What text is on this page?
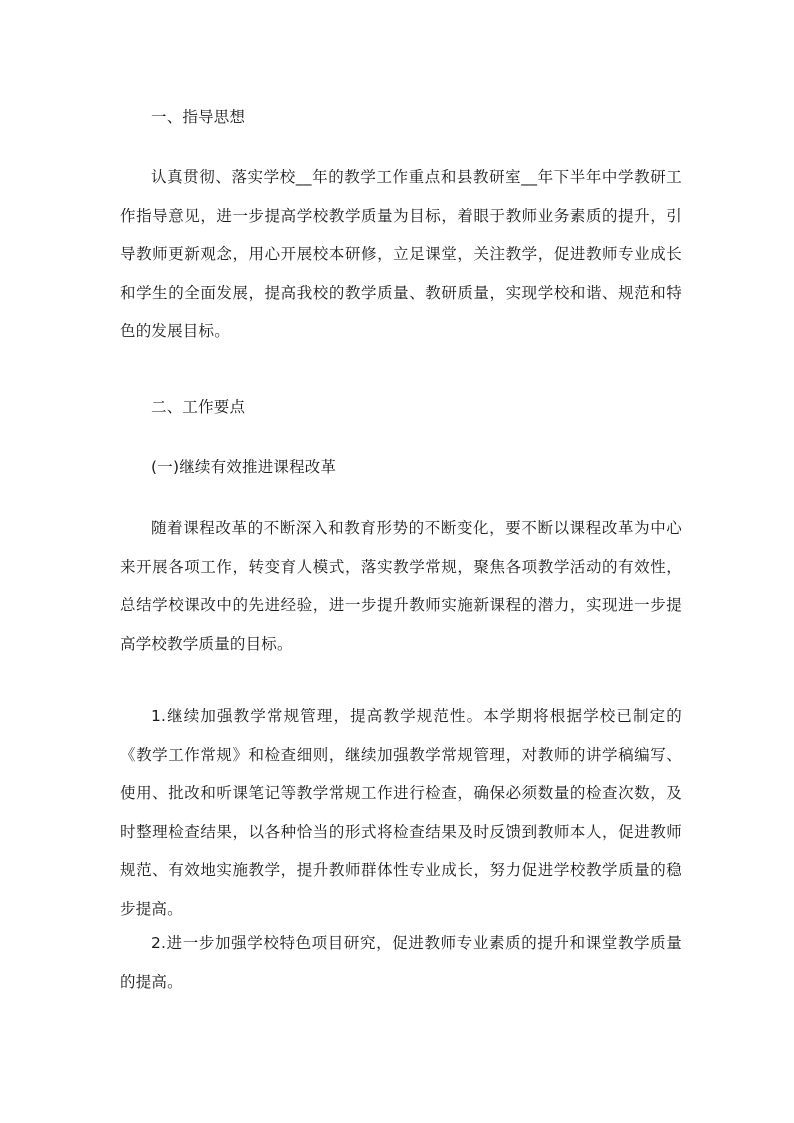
一、指导思想

认真贯彻、落实学校__年的教学工作重点和县教研室__年下半年中学教研工作指导意见，进一步提高学校教学质量为目标，着眼于教师业务素质的提升，引导教师更新观念，用心开展校本研修，立足课堂，关注教学，促进教师专业成长和学生的全面发展，提高我校的教学质量、教研质量，实现学校和谐、规范和特色的发展目标。

二、工作要点

(一)继续有效推进课程改革

随着课程改革的不断深入和教育形势的不断变化，要不断以课程改革为中心来开展各项工作，转变育人模式，落实教学常规，聚焦各项教学活动的有效性，总结学校课改中的先进经验，进一步提升教师实施新课程的潜力，实现进一步提高学校教学质量的目标。

1.继续加强教学常规管理，提高教学规范性。本学期将根据学校已制定的《教学工作常规》和检查细则，继续加强教学常规管理，对教师的讲学稿编写、使用、批改和听课笔记等教学常规工作进行检查，确保必须数量的检查次数，及时整理检查结果，以各种恰当的形式将检查结果及时反馈到教师本人，促进教师规范、有效地实施教学，提升教师群体性专业成长，努力促进学校教学质量的稳步提高。

2.进一步加强学校特色项目研究，促进教师专业素质的提升和课堂教学质量的提高。
